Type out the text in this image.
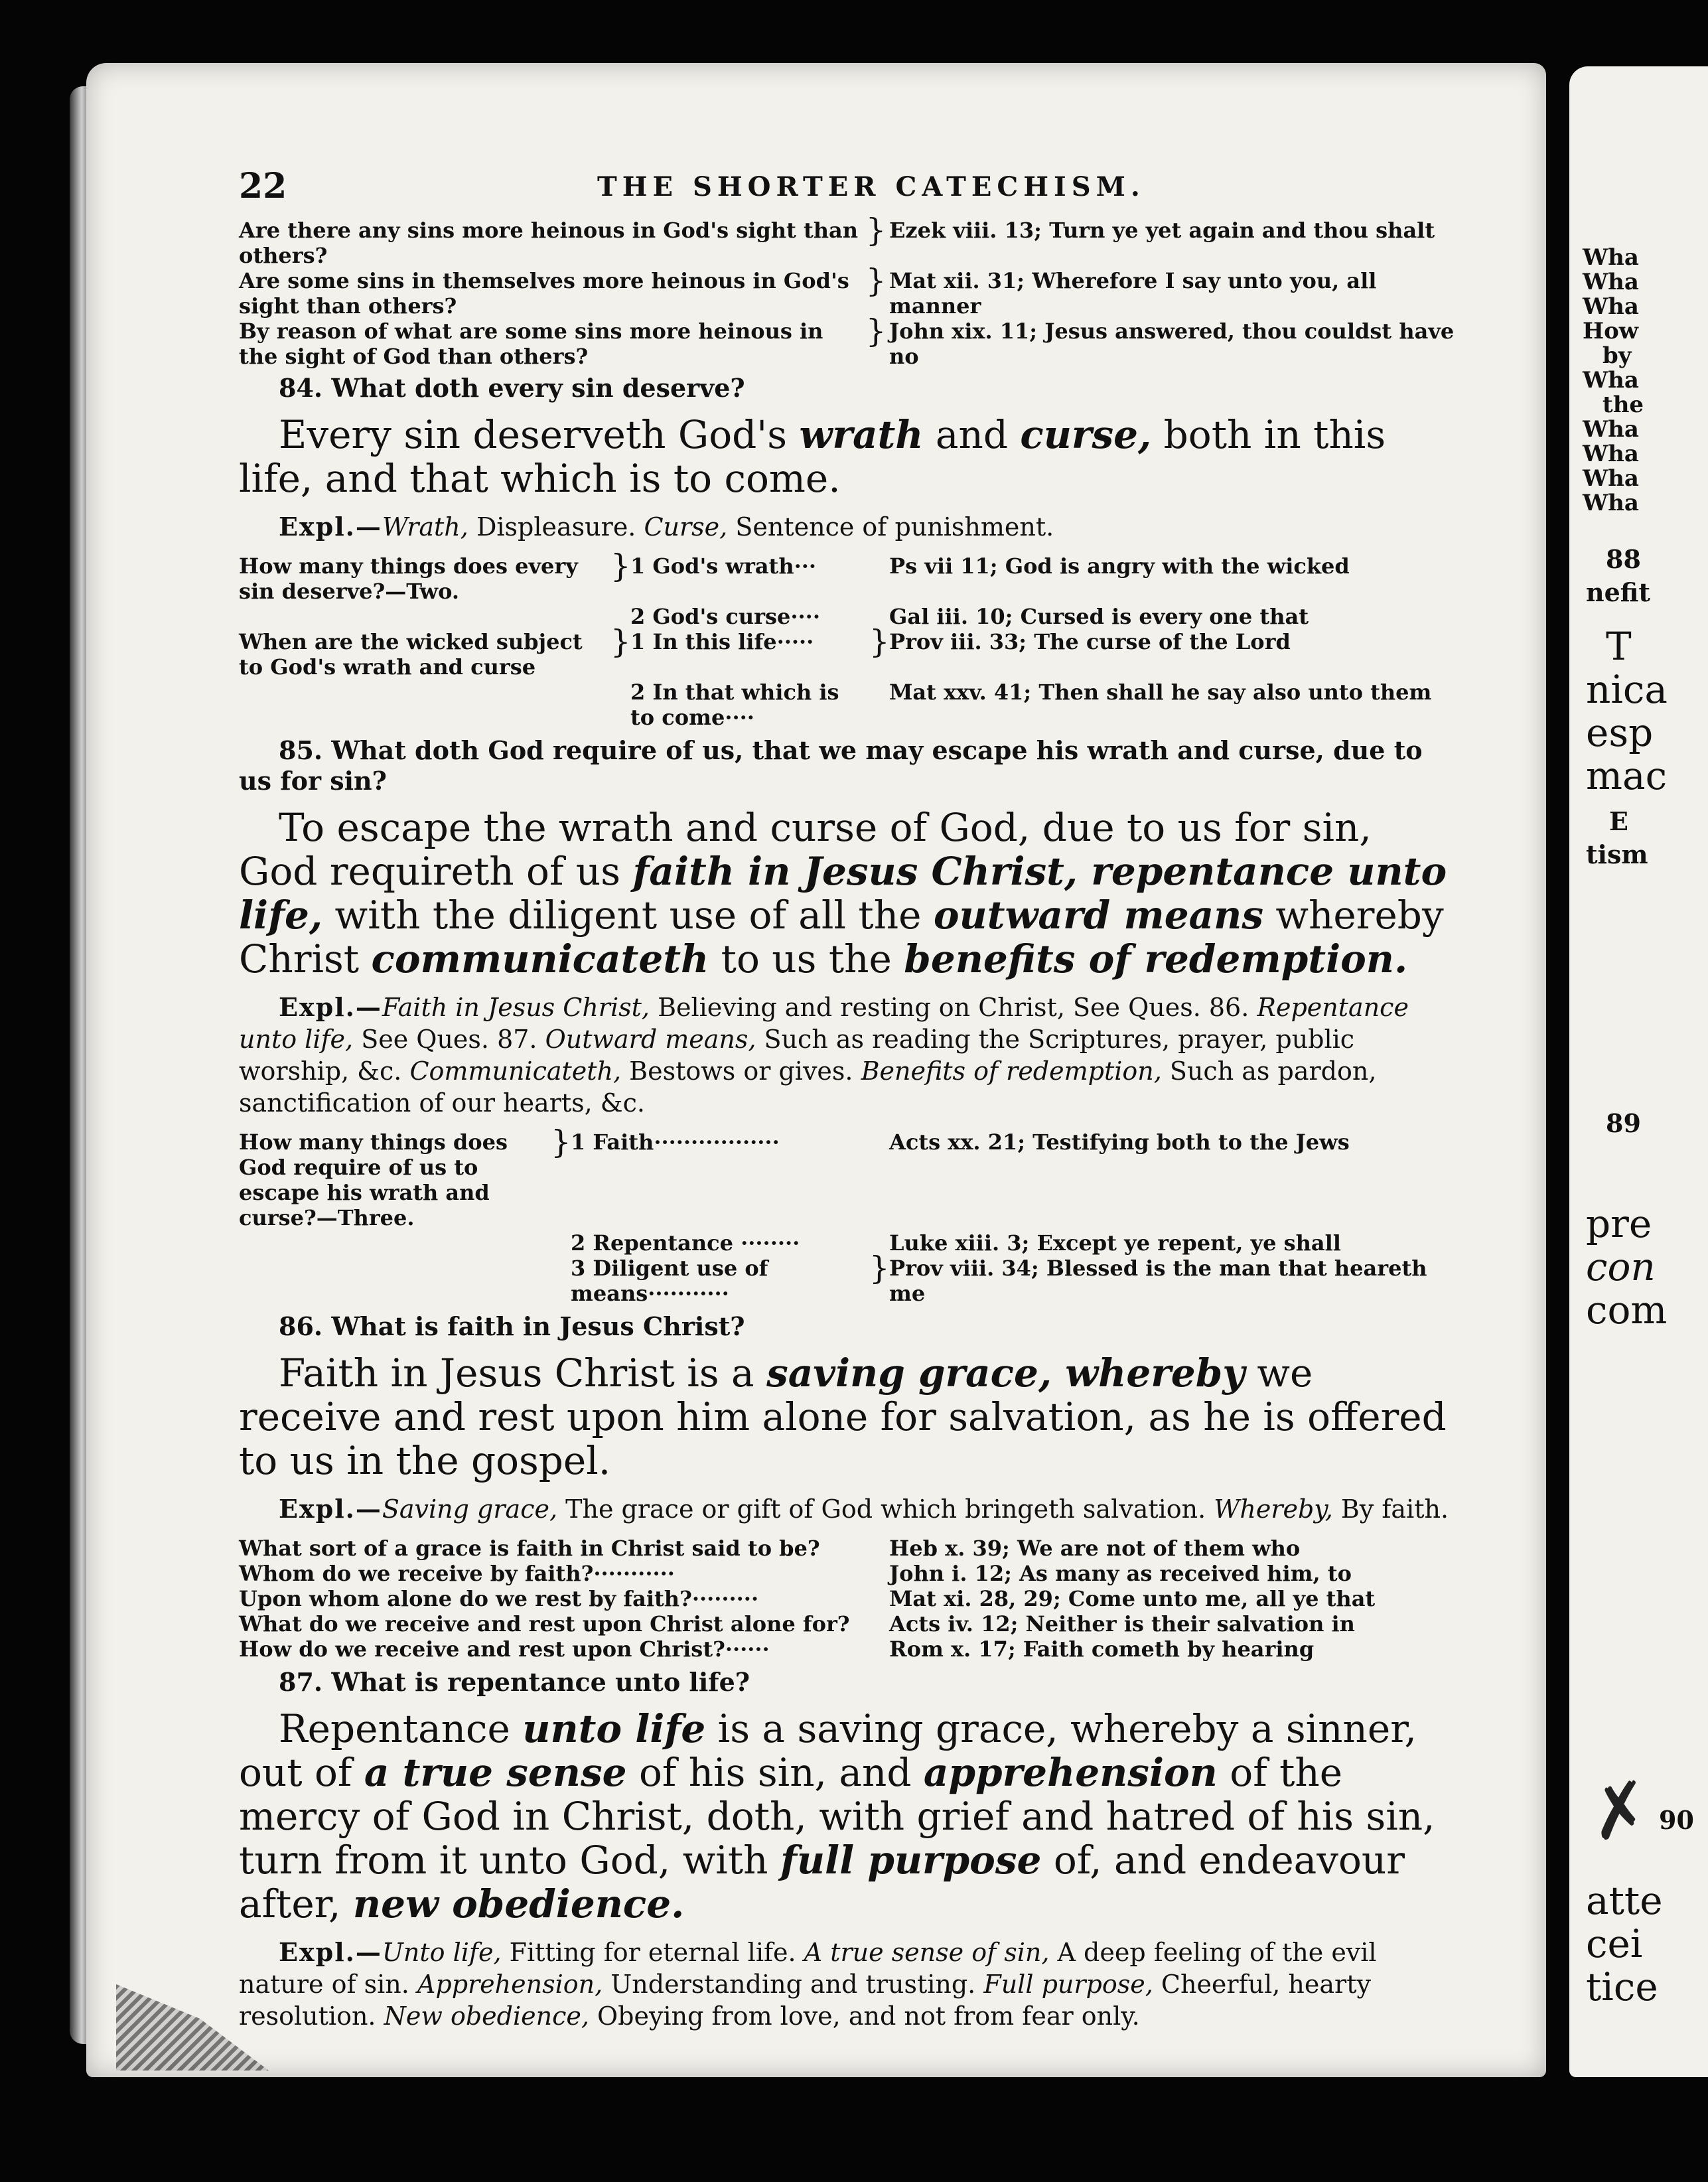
Wha
Wha
Wha
How
by
Wha
the
Wha
Wha
Wha
Wha
88
nefit
T
nica
esp
mac
E
tism
89
pre
con
com
✗ 90
atte
cei
tice
22	THE SHORTER CATECHISM.
Are there any sins more heinous in God's sight than others?	}	Ezek viii. 13; Turn ye yet again and thou shalt
Are some sins in themselves more heinous in God's sight than others?	}	Mat xii. 31; Wherefore I say unto you, all manner
By reason of what are some sins more heinous in the sight of God than others?	}	John xix. 11; Jesus answered, thou couldst have no
84. What doth every sin deserve?
Every sin deserveth God's wrath and curse, both in this life, and that which is to come.
Expl.—Wrath, Displeasure. Curse, Sentence of punishment.
How many things does every sin deserve?—Two.	}	1 God's wrath···		Ps vii 11; God is angry with the wicked
		2 God's curse····		Gal iii. 10; Cursed is every one that
When are the wicked subject to God's wrath and curse	}	1 In this life·····	}	Prov iii. 33; The curse of the Lord
		2 In that which is to come····		Mat xxv. 41; Then shall he say also unto them
85. What doth God require of us, that we may escape his wrath and curse, due to us for sin?
To escape the wrath and curse of God, due to us for sin, God requireth of us faith in Jesus Christ, repentance unto life, with the diligent use of all the outward means whereby Christ communicateth to us the benefits of redemption.
Expl.—Faith in Jesus Christ, Believing and resting on Christ, See Ques. 86. Repentance unto life, See Ques. 87. Outward means, Such as reading the Scriptures, prayer, public worship, &c. Communicateth, Bestows or gives. Benefits of redemption, Such as pardon, sanctification of our hearts, &c.
How many things does God require of us to escape his wrath and curse?—Three.	}	1 Faith·················		Acts xx. 21; Testifying both to the Jews
		2 Repentance ········		Luke xiii. 3; Except ye repent, ye shall
		3 Diligent use of means···········	}	Prov viii. 34; Blessed is the man that heareth me
86. What is faith in Jesus Christ?
Faith in Jesus Christ is a saving grace, whereby we receive and rest upon him alone for salvation, as he is offered to us in the gospel.
Expl.—Saving grace, The grace or gift of God which bringeth salvation. Whereby, By faith.
What sort of a grace is faith in Christ said to be?	Heb x. 39; We are not of them who
Whom do we receive by faith?···········	John i. 12; As many as received him, to
Upon whom alone do we rest by faith?·········	Mat xi. 28, 29; Come unto me, all ye that
What do we receive and rest upon Christ alone for?	Acts iv. 12; Neither is their salvation in
How do we receive and rest upon Christ?······	Rom x. 17; Faith cometh by hearing
87. What is repentance unto life?
Repentance unto life is a saving grace, whereby a sinner, out of a true sense of his sin, and apprehension of the mercy of God in Christ, doth, with grief and hatred of his sin, turn from it unto God, with full purpose of, and endeavour after, new obedience.
Expl.—Unto life, Fitting for eternal life. A true sense of sin, A deep feeling of the evil nature of sin. Apprehension, Understanding and trusting. Full purpose, Cheerful, hearty resolution. New obedience, Obeying from love, and not from fear only.
